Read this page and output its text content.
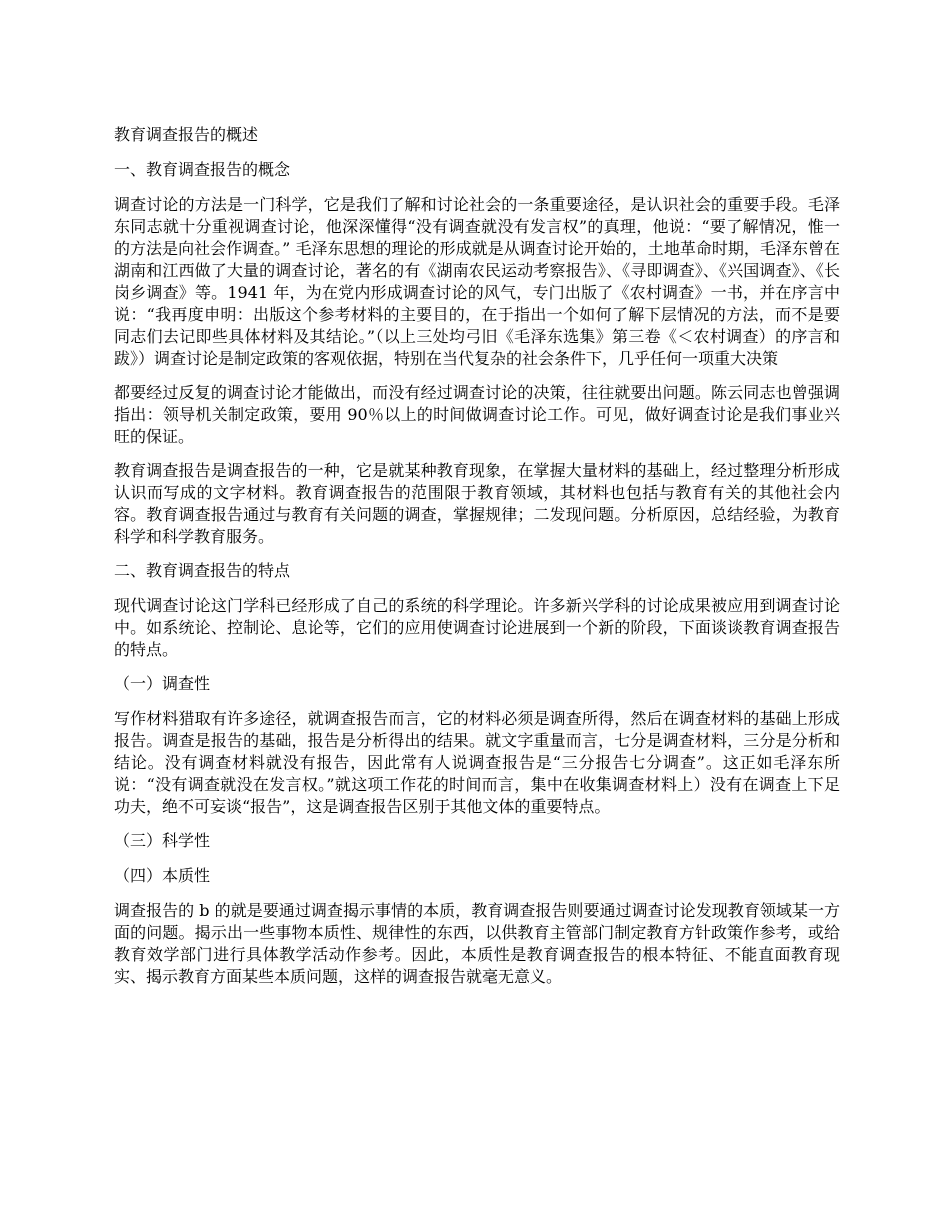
教育调查报告的概述

一、教育调查报告的概念

调查讨论的方法是一门科学，它是我们了解和讨论社会的一条重要途径，是认识社会的重要手段。毛泽东同志就十分重视调查讨论，他深深懂得“没有调查就没有发言权”的真理，他说：“要了解情况，惟一的方法是向社会作调查。” 毛泽东思想的理论的形成就是从调查讨论开始的，土地革命时期，毛泽东曾在湖南和江西做了大量的调查讨论，著名的有《湖南农民运动考察报告》、《寻即调查》、《兴国调查》、《长岗乡调查》等。1941 年，为在党内形成调查讨论的风气，专门出版了《农村调查》一书，并在序言中说：“我再度申明：出版这个参考材料的主要目的，在于指出一个如何了解下层情况的方法，而不是要同志们去记即些具体材料及其结论。”（以上三处均弓旧《毛泽东选集》第三卷《＜农村调查）的序言和跋》）调查讨论是制定政策的客观依据，特别在当代复杂的社会条件下，几乎任何一项重大决策

都要经过反复的调查讨论才能做出，而没有经过调查讨论的决策，往往就要出问题。陈云同志也曾强调指出：领导机关制定政策，要用 90％以上的时间做调查讨论工作。可见，做好调查讨论是我们事业兴旺的保证。

教育调查报告是调查报告的一种，它是就某种教育现象，在掌握大量材料的基础上，经过整理分析形成认识而写成的文字材料。教育调查报告的范围限于教育领域，其材料也包括与教育有关的其他社会内容。教育调查报告通过与教育有关问题的调查，掌握规律；二发现问题。分析原因，总结经验，为教育科学和科学教育服务。

二、教育调查报告的特点

现代调查讨论这门学科已经形成了自己的系统的科学理论。许多新兴学科的讨论成果被应用到调查讨论中。如系统论、控制论、息论等，它们的应用使调查讨论进展到一个新的阶段，下面谈谈教育调查报告的特点。

（一）调查性

写作材料猎取有许多途径，就调查报告而言，它的材料必须是调查所得，然后在调查材料的基础上形成报告。调查是报告的基础，报告是分析得出的结果。就文字重量而言，七分是调查材料，三分是分析和结论。没有调查材料就没有报告，因此常有人说调查报告是“三分报告七分调查”。这正如毛泽东所说：“没有调查就没在发言权。”就这项工作花的时间而言，集中在收集调查材料上）没有在调查上下足功夫，绝不可妄谈“报告”，这是调查报告区别于其他文体的重要特点。

（三）科学性

（四）本质性

调查报告的 b 的就是要通过调查揭示事情的本质，教育调查报告则要通过调查讨论发现教育领域某一方面的问题。揭示出一些事物本质性、规律性的东西，以供教育主管部门制定教育方针政策作参考，或给教育效学部门进行具体教学活动作参考。因此，本质性是教育调查报告的根本特征、不能直面教育现实、揭示教育方面某些本质问题，这样的调查报告就毫无意义。
